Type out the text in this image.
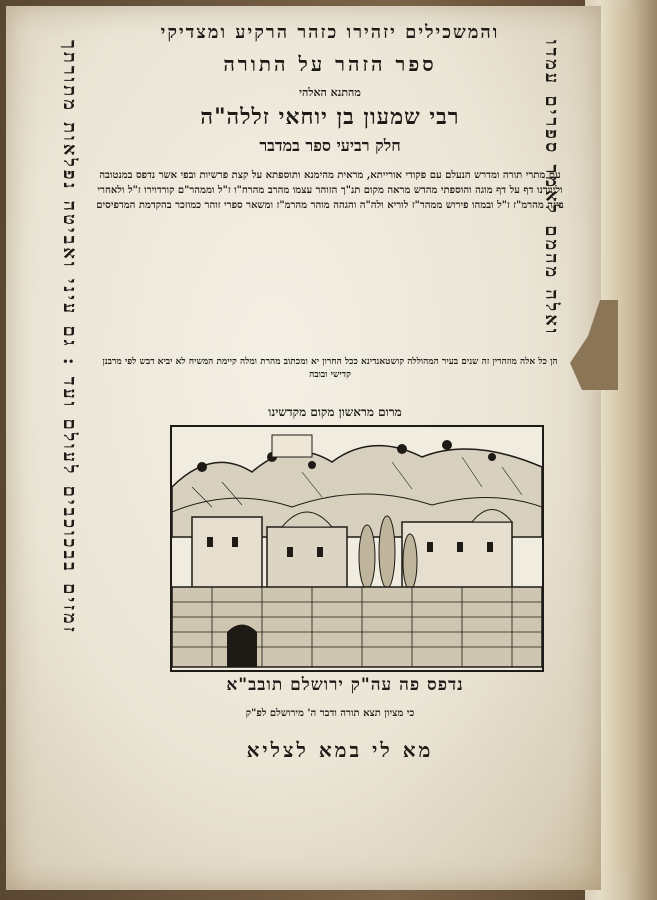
והמשכילים יזהירו כזהר הרקיע ומצדיקי
ספר הזהר על התורה
מהתנא האלהי
רבי שמעון בן יוחאי זללה"ה
חלק רביעי ספר במדבר
עם מתרי תורה ומדרש הנעלם עם פקודי אורייתא, מראית מהימנא ותוספתא על קצת פרשיות ובפי אשר נדפס במנטובה וליוורנו דף על דף מוגה והוספתי מהדש מראה מקום תנ"ך הזוהר עצמו מהרב מהרח"ו ז"ל וממהר"ם קורדוירו ז"ל ולאחרי בינה מהרמ"ז ז"ל ובמהו פירוש ממהר"ז לוריא ולה"ה והגהה מוהר מהרמ"ז ומשאר ספרי זוהר כמוזכר בהקדמת המדפיסים
הן כל אלה מוזהרין זה שנים בעיר המהוללה קושטאנדינא ככל החרון יא ומכתוב מהרת ומלה קיימת המשיח לא יביא דבש לפי מרבנן קדישי ובובה
מרום מראשון מקום מקדשינו
נדפס פה עה"ק ירושלם תובב"א
כי מציון תצא תורה ודבר ה' מירושלם לפ"ק
מא לי במא לצליא
זמזים בבכוכבים לעולם ועד : גם עיני ואביטה נפלאות מתורתך	ואלה מהמם לאמר ספרים עמדו
